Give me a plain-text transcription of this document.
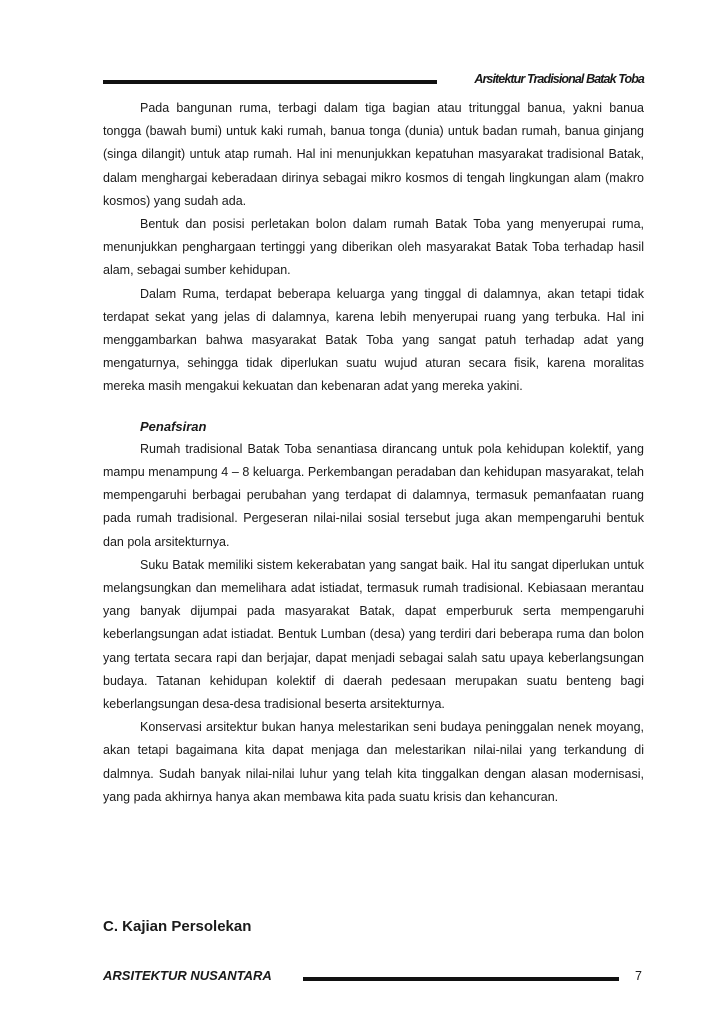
Arsitektur Tradisional Batak Toba

Pada bangunan ruma, terbagi dalam tiga bagian atau tritunggal banua, yakni banua tongga (bawah bumi) untuk kaki rumah, banua tonga (dunia) untuk badan rumah, banua ginjang (singa dilangit) untuk atap rumah. Hal ini menunjukkan kepatuhan masyarakat tradisional Batak, dalam menghargai keberadaan dirinya sebagai mikro kosmos di tengah lingkungan alam (makro kosmos) yang sudah ada.

Bentuk dan posisi perletakan bolon dalam rumah Batak Toba yang menyerupai ruma, menunjukkan penghargaan tertinggi yang diberikan oleh masyarakat Batak Toba terhadap hasil alam, sebagai sumber kehidupan.

Dalam Ruma, terdapat beberapa keluarga yang tinggal di dalamnya, akan tetapi tidak terdapat sekat yang jelas di dalamnya, karena lebih menyerupai ruang yang terbuka. Hal ini menggambarkan bahwa masyarakat Batak Toba yang sangat patuh terhadap adat yang mengaturnya, sehingga tidak diperlukan suatu wujud aturan secara fisik, karena moralitas mereka masih mengakui kekuatan dan kebenaran adat yang mereka yakini.

Penafsiran

Rumah tradisional Batak Toba senantiasa dirancang untuk pola kehidupan kolektif, yang mampu menampung 4 – 8 keluarga. Perkembangan peradaban dan kehidupan masyarakat, telah mempengaruhi berbagai perubahan yang terdapat di dalamnya, termasuk pemanfaatan ruang pada rumah tradisional. Pergeseran nilai-nilai sosial tersebut juga akan mempengaruhi bentuk dan pola arsitekturnya.

Suku Batak memiliki sistem kekerabatan yang sangat baik. Hal itu sangat diperlukan untuk melangsungkan dan memelihara adat istiadat, termasuk rumah tradisional. Kebiasaan merantau yang banyak dijumpai pada masyarakat Batak, dapat emperburuk serta mempengaruhi keberlangsungan adat istiadat. Bentuk Lumban (desa) yang terdiri dari beberapa ruma dan bolon yang tertata secara rapi dan berjajar, dapat menjadi sebagai salah satu upaya keberlangsungan budaya. Tatanan kehidupan kolektif di daerah pedesaan merupakan suatu benteng bagi keberlangsungan desa-desa tradisional beserta arsitekturnya.

Konservasi arsitektur bukan hanya melestarikan seni budaya peninggalan nenek moyang, akan tetapi bagaimana kita dapat menjaga dan melestarikan nilai-nilai yang terkandung di dalmnya. Sudah banyak nilai-nilai luhur yang telah kita tinggalkan dengan alasan modernisasi, yang pada akhirnya hanya akan membawa kita pada suatu krisis dan kehancuran.

C. Kajian Persolekan
ARSITEKTUR NUSANTARA	7
